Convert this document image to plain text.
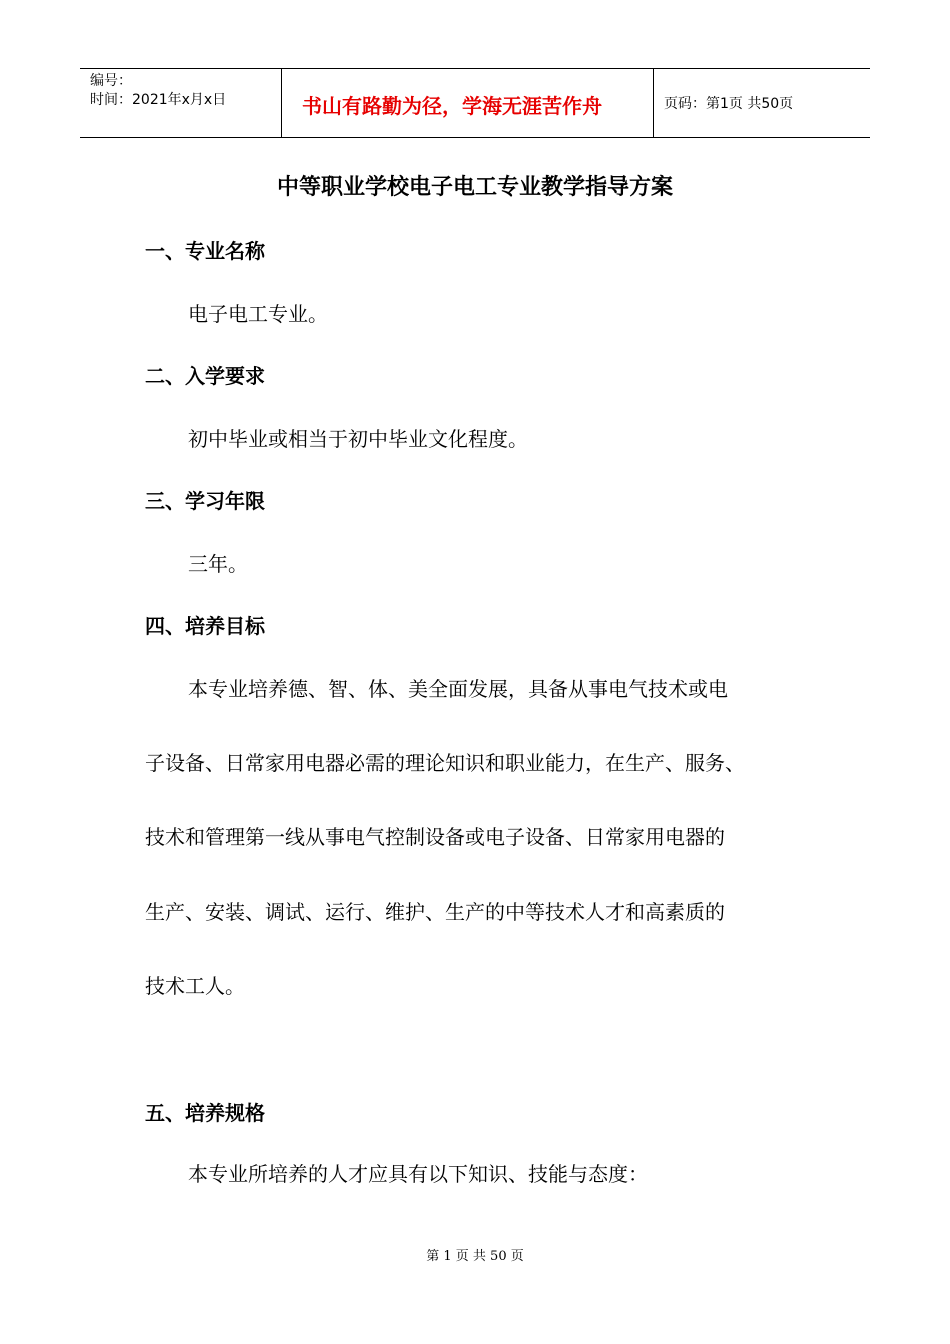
编号：
时间：2021年x月x日	书山有路勤为径，学海无涯苦作舟	页码：第1页 共50页
中等职业学校电子电工专业教学指导方案
一、专业名称
电子电工专业。
二、入学要求
初中毕业或相当于初中毕业文化程度。
三、学习年限
三年。
四、培养目标
本专业培养德、智、体、美全面发展，具备从事电气技术或电
子设备、日常家用电器必需的理论知识和职业能力，在生产、服务、
技术和管理第一线从事电气控制设备或电子设备、日常家用电器的
生产、安装、调试、运行、维护、生产的中等技术人才和高素质的
技术工人。
五、培养规格
本专业所培养的人才应具有以下知识、技能与态度：
第 1 页 共 50 页
